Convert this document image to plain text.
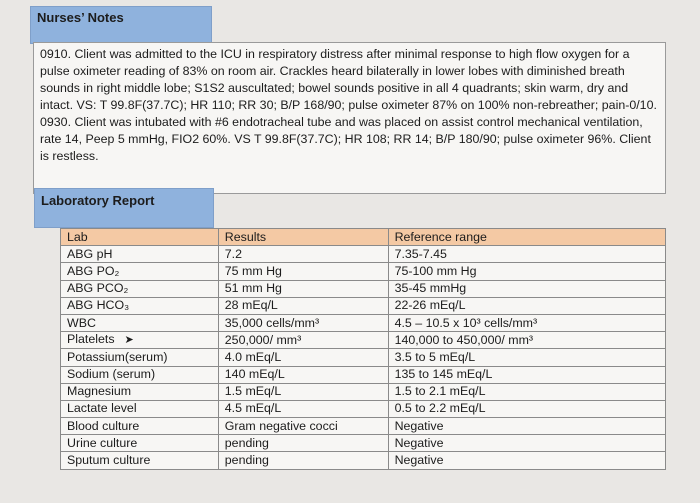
Nurses’ Notes

0910. Client was admitted to the ICU in respiratory distress after minimal response to high flow oxygen for a pulse oximeter reading of 83% on room air. Crackles heard bilaterally in lower lobes with diminished breath sounds in right middle lobe; S1S2 auscultated; bowel sounds positive in all 4 quadrants; skin warm, dry and intact. VS: T 99.8F(37.7C); HR 110; RR 30; B/P 168/90; pulse oximeter 87% on 100% non-rebreather; pain-0/10.

0930. Client was intubated with #6 endotracheal tube and was placed on assist control mechanical ventilation, rate 14, Peep 5 mmHg, FIO2 60%. VS T 99.8F(37.7C); HR 108; RR 14; B/P 180/90; pulse oximeter 96%. Client is restless.

Laboratory Report
Lab	Results	Reference range
ABG pH	7.2	7.35-7.45
ABG PO₂	75 mm Hg	75-100 mm Hg
ABG PCO₂	51 mm Hg	35-45 mmHg
ABG HCO₃	28 mEq/L	22-26 mEq/L
WBC	35,000 cells/mm³	4.5 – 10.5 x 10³ cells/mm³
Platelets ➤	250,000/ mm³	140,000 to 450,000/ mm³
Potassium(serum)	4.0 mEq/L	3.5 to 5 mEq/L
Sodium (serum)	140 mEq/L	135 to 145 mEq/L
Magnesium	1.5 mEq/L	1.5 to 2.1 mEq/L
Lactate level	4.5 mEq/L	0.5 to 2.2 mEq/L
Blood culture	Gram negative cocci	Negative
Urine culture	pending	Negative
Sputum culture	pending	Negative
